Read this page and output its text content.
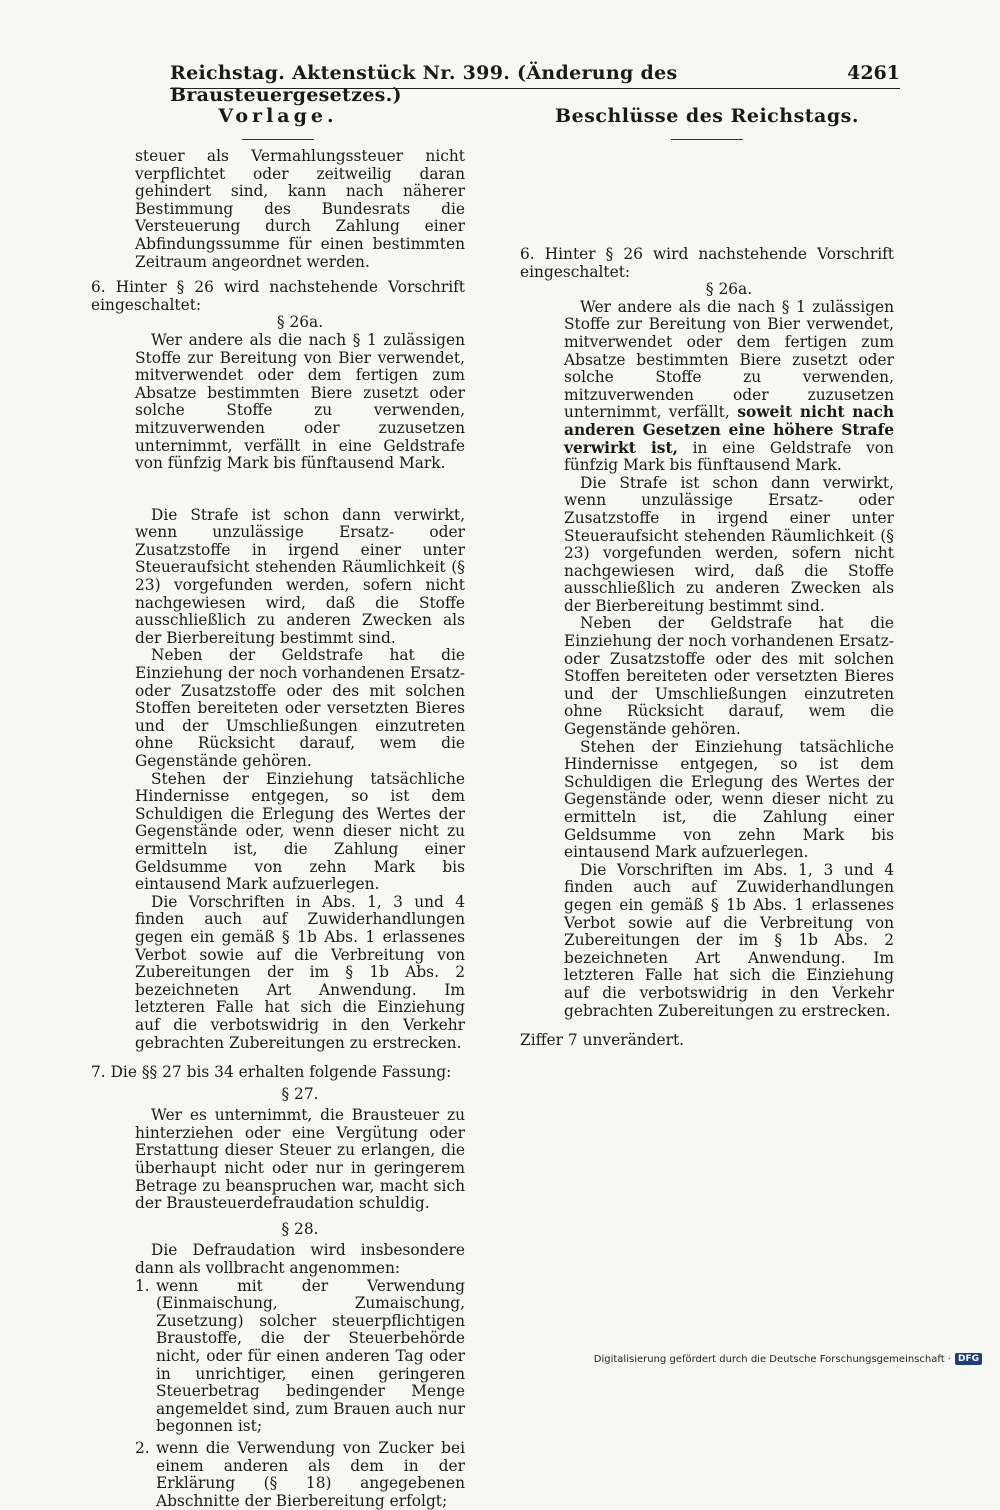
Reichstag. Aktenstück Nr. 399. (Änderung des Brausteuergesetzes.)
4261
Vorlage.

steuer als Vermahlungssteuer nicht verpflichtet oder zeitweilig daran gehindert sind, kann nach näherer Bestimmung des Bundesrats die Versteuerung durch Zahlung einer Abfindungssumme für einen bestimmten Zeitraum angeordnet werden.

6. Hinter § 26 wird nachstehende Vorschrift eingeschaltet:

§ 26a.

Wer andere als die nach § 1 zulässigen Stoffe zur Bereitung von Bier verwendet, mitverwendet oder dem fertigen zum Absatze bestimmten Biere zusetzt oder solche Stoffe zu verwenden, mitzuverwenden oder zuzusetzen unternimmt, verfällt in eine Geldstrafe von fünfzig Mark bis fünftausend Mark.

Die Strafe ist schon dann verwirkt, wenn unzulässige Ersatz- oder Zusatzstoffe in irgend einer unter Steueraufsicht stehenden Räumlichkeit (§ 23) vorgefunden werden, sofern nicht nachgewiesen wird, daß die Stoffe ausschließlich zu anderen Zwecken als der Bierbereitung bestimmt sind.

Neben der Geldstrafe hat die Einziehung der noch vorhandenen Ersatz- oder Zusatzstoffe oder des mit solchen Stoffen bereiteten oder versetzten Bieres und der Umschließungen einzutreten ohne Rücksicht darauf, wem die Gegenstände gehören.

Stehen der Einziehung tatsächliche Hindernisse entgegen, so ist dem Schuldigen die Erlegung des Wertes der Gegenstände oder, wenn dieser nicht zu ermitteln ist, die Zahlung einer Geldsumme von zehn Mark bis eintausend Mark aufzuerlegen.

Die Vorschriften in Abs. 1, 3 und 4 finden auch auf Zuwiderhandlungen gegen ein gemäß § 1b Abs. 1 erlassenes Verbot sowie auf die Verbreitung von Zubereitungen der im § 1b Abs. 2 bezeichneten Art Anwendung. Im letzteren Falle hat sich die Einziehung auf die verbotswidrig in den Verkehr gebrachten Zubereitungen zu erstrecken.

7. Die §§ 27 bis 34 erhalten folgende Fassung:

§ 27.

Wer es unternimmt, die Brausteuer zu hinterziehen oder eine Vergütung oder Erstattung dieser Steuer zu erlangen, die überhaupt nicht oder nur in geringerem Betrage zu beanspruchen war, macht sich der Brausteuerdefraudation schuldig.

§ 28.

Die Defraudation wird insbesondere dann als vollbracht angenommen:

1. wenn mit der Verwendung (Einmaischung, Zumaischung, Zusetzung) solcher steuerpflichtigen Braustoffe, die der Steuerbehörde nicht, oder für einen anderen Tag oder in unrichtiger, einen geringeren Steuerbetrag bedingender Menge angemeldet sind, zum Brauen auch nur begonnen ist;
2. wenn die Verwendung von Zucker bei einem anderen als dem in der Erklärung (§ 18) angegebenen Abschnitte der Bierbereitung erfolgt;
Beschlüsse des Reichstags.

6. Hinter § 26 wird nachstehende Vorschrift eingeschaltet:

§ 26a.

Wer andere als die nach § 1 zulässigen Stoffe zur Bereitung von Bier verwendet, mitverwendet oder dem fertigen zum Absatze bestimmten Biere zusetzt oder solche Stoffe zu verwenden, mitzuverwenden oder zuzusetzen unternimmt, verfällt, soweit nicht nach anderen Gesetzen eine höhere Strafe verwirkt ist, in eine Geldstrafe von fünfzig Mark bis fünftausend Mark.

Die Strafe ist schon dann verwirkt, wenn unzulässige Ersatz- oder Zusatzstoffe in irgend einer unter Steueraufsicht stehenden Räumlichkeit (§ 23) vorgefunden werden, sofern nicht nachgewiesen wird, daß die Stoffe ausschließlich zu anderen Zwecken als der Bierbereitung bestimmt sind.

Neben der Geldstrafe hat die Einziehung der noch vorhandenen Ersatz- oder Zusatzstoffe oder des mit solchen Stoffen bereiteten oder versetzten Bieres und der Umschließungen einzutreten ohne Rücksicht darauf, wem die Gegenstände gehören.

Stehen der Einziehung tatsächliche Hindernisse entgegen, so ist dem Schuldigen die Erlegung des Wertes der Gegenstände oder, wenn dieser nicht zu ermitteln ist, die Zahlung einer Geldsumme von zehn Mark bis eintausend Mark aufzuerlegen.

Die Vorschriften im Abs. 1, 3 und 4 finden auch auf Zuwiderhandlungen gegen ein gemäß § 1b Abs. 1 erlassenes Verbot sowie auf die Verbreitung von Zubereitungen der im § 1b Abs. 2 bezeichneten Art Anwendung. Im letzteren Falle hat sich die Einziehung auf die verbotswidrig in den Verkehr gebrachten Zubereitungen zu erstrecken.

Ziffer 7 unverändert.

Digitalisierung gefördert durch die Deutsche Forschungsgemeinschaft · DFG
